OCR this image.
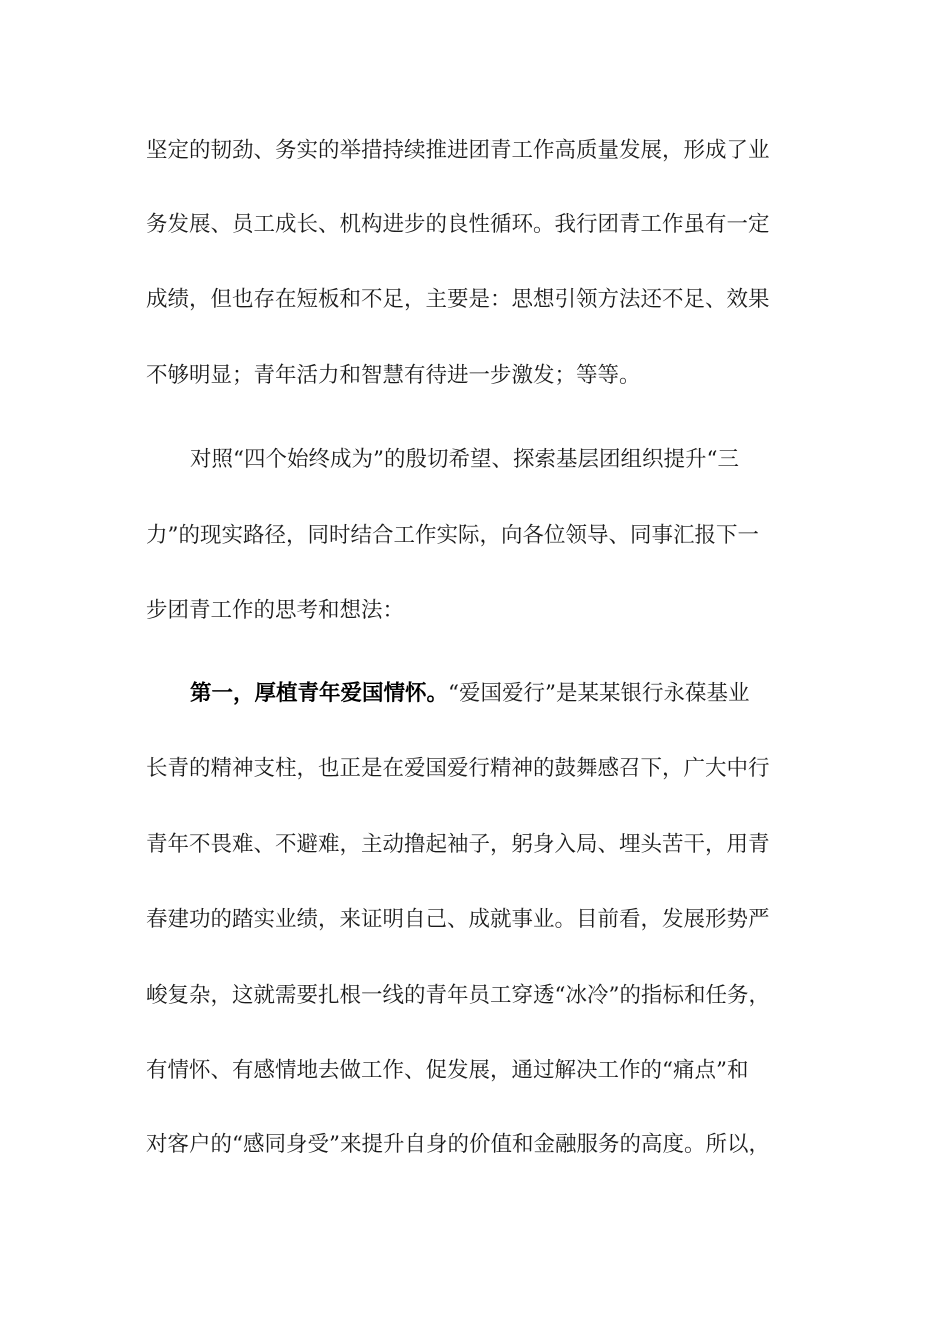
坚定的韧劲、务实的举措持续推进团青工作高质量发展，形成了业
务发展、员工成长、机构进步的良性循环。我行团青工作虽有一定
成绩，但也存在短板和不足，主要是：思想引领方法还不足、效果
不够明显；青年活力和智慧有待进一步激发；等等。
对照“四个始终成为”的殷切希望、探索基层团组织提升“三
力”的现实路径，同时结合工作实际，向各位领导、同事汇报下一
步团青工作的思考和想法：
第一，厚植青年爱国情怀。“爱国爱行”是某某银行永葆基业
长青的精神支柱，也正是在爱国爱行精神的鼓舞感召下，广大中行
青年不畏难、不避难，主动撸起袖子，躬身入局、埋头苦干，用青
春建功的踏实业绩，来证明自己、成就事业。目前看，发展形势严
峻复杂，这就需要扎根一线的青年员工穿透“冰冷”的指标和任务，
有情怀、有感情地去做工作、促发展，通过解决工作的“痛点”和
对客户的“感同身受”来提升自身的价值和金融服务的高度。所以，
